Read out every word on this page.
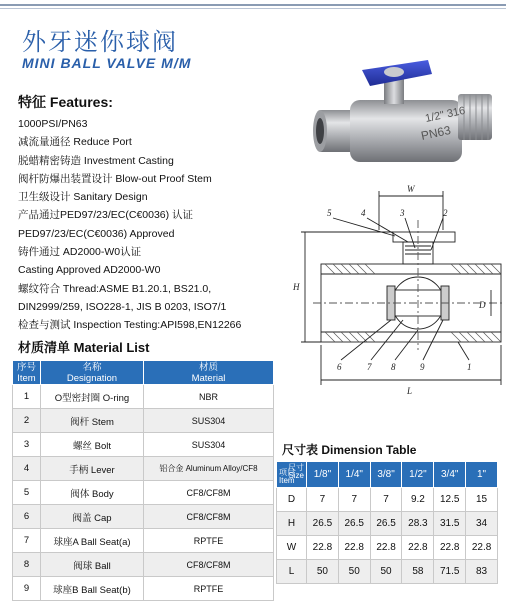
外牙迷你球阀
MINI BALL VALVE M/M
特征 Features:
1000PSI/PN63
减流量通径 Reduce Port
脱蜡精密铸造 Investment Casting
阀杆防爆出装置设计 Blow-out Proof Stem
卫生级设计 Sanitary Design
产品通过PED97/23/EC(C€0036) 认证
PED97/23/EC(C€0036) Approved
铸件通过 AD2000-W0认证
Casting Approved AD2000-W0
螺纹符合 Thread:ASME B1.20.1, BS21.0,
DIN2999/259, ISO228-1, JIS B 0203, ISO7/1
检查与测试 Inspection Testing:API598,EN12266
1/2" 316
PN63
5	4	3	2
W
H
D
6	7 8	9	1
L
材质清单 Material List
序号
Item	名称
Designation	材质
Material
1	O型密封圈 O-ring	NBR
2	阀杆 Stem	SUS304
3	螺丝 Bolt	SUS304
4	手柄 Lever	铝合金 Aluminum Alloy/CF8
5	阀体 Body	CF8/CF8M
6	阀盖 Cap	CF8/CF8M
7	球座A Ball Seat(a)	RPTFE
8	阀球 Ball	CF8/CF8M
9	球座B Ball Seat(b)	RPTFE
尺寸表 Dimension Table
尺寸
Size
项目
Item	1/8"	1/4"	3/8"	1/2"	3/4"	1"
D	7	7	7	9.2	12.5	15
H	26.5	26.5	26.5	28.3	31.5	34
W	22.8	22.8	22.8	22.8	22.8	22.8
L	50	50	50	58	71.5	83
